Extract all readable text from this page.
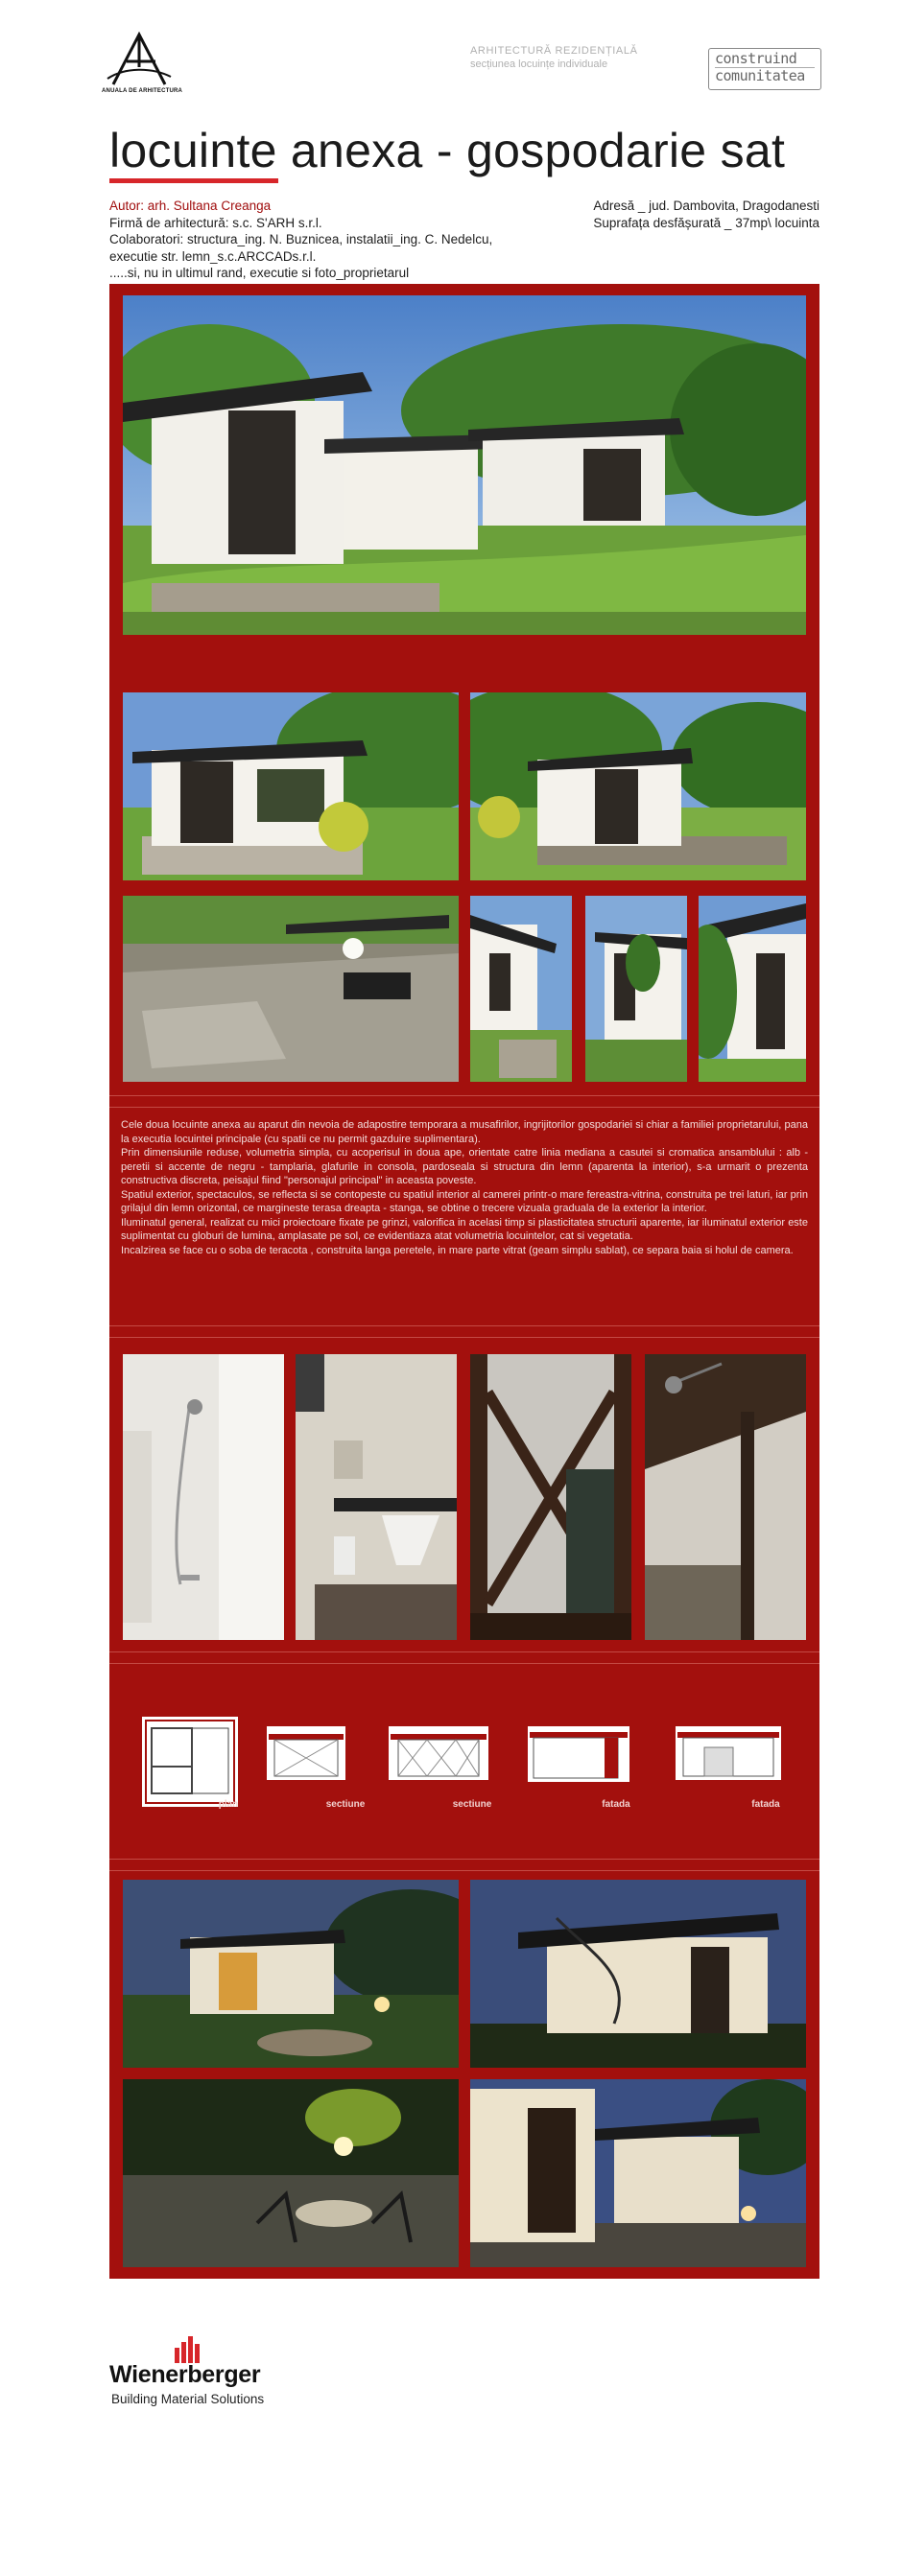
ANUALA DE ARHITECTURA
ARHITECTURĂ REZIDENȚIALĂ
secțiunea locuințe individuale	construind
comunitatea
locuinte anexa - gospodarie sat
Autor: arh. Sultana Creanga
Firmă de arhitectură: s.c. S'ARH s.r.l.
Colaboratori: structura_ing. N. Buznicea, instalatii_ing. C. Nedelcu,
executie str. lemn_s.c.ARCCADs.r.l.
.....si, nu in ultimul rand, executie si foto_proprietarul
Adresă _ jud. Dambovita, Dragodanesti
Suprafața desfășurată _ 37mp\ locuinta

Cele doua locuinte anexa au aparut din nevoia de adapostire temporara a musafirilor, ingrijitorilor gospodariei si chiar a familiei proprietarului, pana la executia locuintei principale (cu spatii ce nu permit gazduire suplimentara).

Prin dimensiunile reduse, volumetria simpla, cu acoperisul in doua ape, orientate catre linia mediana a casutei si cromatica ansamblului : alb - peretii si accente de negru - tamplaria, glafurile in consola, pardoseala si structura din lemn (aparenta la interior), s-a urmarit o prezenta constructiva discreta, peisajul fiind "personajul principal" in aceasta poveste.

Spatiul exterior, spectaculos, se reflecta si se contopeste cu spatiul interior al camerei printr-o mare fereastra-vitrina, construita pe trei laturi, iar prin grilajul din lemn orizontal, ce margineste terasa dreapta - stanga, se obtine o trecere vizuala graduala de la exterior la interior.

Iluminatul general, realizat cu mici proiectoare fixate pe grinzi, valorifica in acelasi timp si plasticitatea structurii aparente, iar iluminatul exterior este suplimentat cu globuri de lumina, amplasate pe sol, ce evidentiaza atat volumetria locuintelor, cat si vegetatia.

Incalzirea se face cu o soba de teracota , construita langa peretele, in mare parte vitrat (geam simplu sablat), ce separa baia si holul de camera.

plan	sectiune	sectiune	fatada	fatada
Wienerberger
Building Material Solutions
